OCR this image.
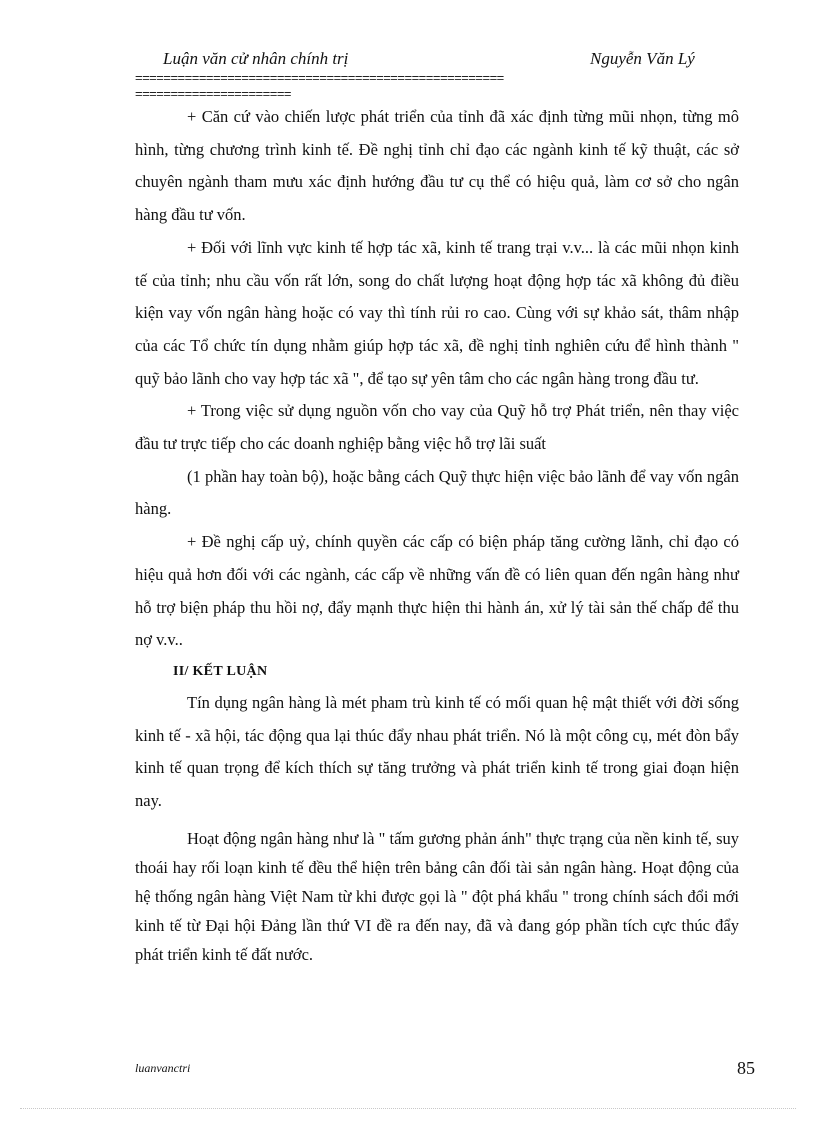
Luận văn cử nhân chính trị	Nguyễn Văn Lý
====================================================
======================

+ Căn cứ vào chiến lược phát triển của tỉnh đã xác định từng mũi nhọn, từng mô hình, từng chương trình kinh tế. Đề nghị tỉnh chỉ đạo các ngành kinh tế kỹ thuật, các sở chuyên ngành tham mưu xác định hướng đầu tư cụ thể có hiệu quả, làm cơ sở cho ngân hàng đầu tư vốn.

+ Đối với lĩnh vực kinh tế hợp tác xã, kinh tế trang trại v.v... là các mũi nhọn kinh tế của tỉnh; nhu cầu vốn rất lớn, song do chất lượng hoạt động hợp tác xã không đủ điều kiện vay vốn ngân hàng hoặc có vay thì tính rủi ro cao. Cùng với sự khảo sát, thâm nhập của các Tổ chức tín dụng nhằm giúp hợp tác xã, đề nghị tỉnh nghiên cứu để hình thành " quỹ bảo lãnh cho vay hợp tác xã ", để tạo sự yên tâm cho các ngân hàng trong đầu tư.

+ Trong việc sử dụng nguồn vốn cho vay của Quỹ hỗ trợ Phát triển, nên thay việc đầu tư trực tiếp cho các doanh nghiệp bằng việc hỗ trợ lãi suất

(1 phần hay toàn bộ), hoặc bằng cách Quỹ thực hiện việc bảo lãnh để vay vốn ngân hàng.

+ Đề nghị cấp uỷ, chính quyền các cấp có biện pháp tăng cường lãnh, chỉ đạo có hiệu quả hơn đối với các ngành, các cấp về những vấn đề có liên quan đến ngân hàng như hỗ trợ biện pháp thu hồi nợ, đẩy mạnh thực hiện thi hành án, xử lý tài sản thế chấp để thu nợ v.v..

II/ KẾT LUẬN

Tín dụng ngân hàng là mét pham trù kinh tế có mối quan hệ mật thiết với đời sống kinh tế - xã hội, tác động qua lại thúc đẩy nhau phát triển. Nó là một công cụ, mét đòn bẩy kinh tế quan trọng để kích thích sự tăng trưởng và phát triển kinh tế trong giai đoạn hiện nay.

Hoạt động ngân hàng như là " tấm gương phản ánh" thực trạng của nền kinh tế, suy thoái hay rối loạn kinh tế đều thể hiện trên bảng cân đối tài sản ngân hàng. Hoạt động của hệ thống ngân hàng Việt Nam từ khi được gọi là " đột phá khẩu " trong chính sách đổi mới kinh tế từ Đại hội Đảng lần thứ VI đề ra đến nay, đã và đang góp phần tích cực thúc đẩy phát triển kinh tế đất nước.

luanvanctri	85
